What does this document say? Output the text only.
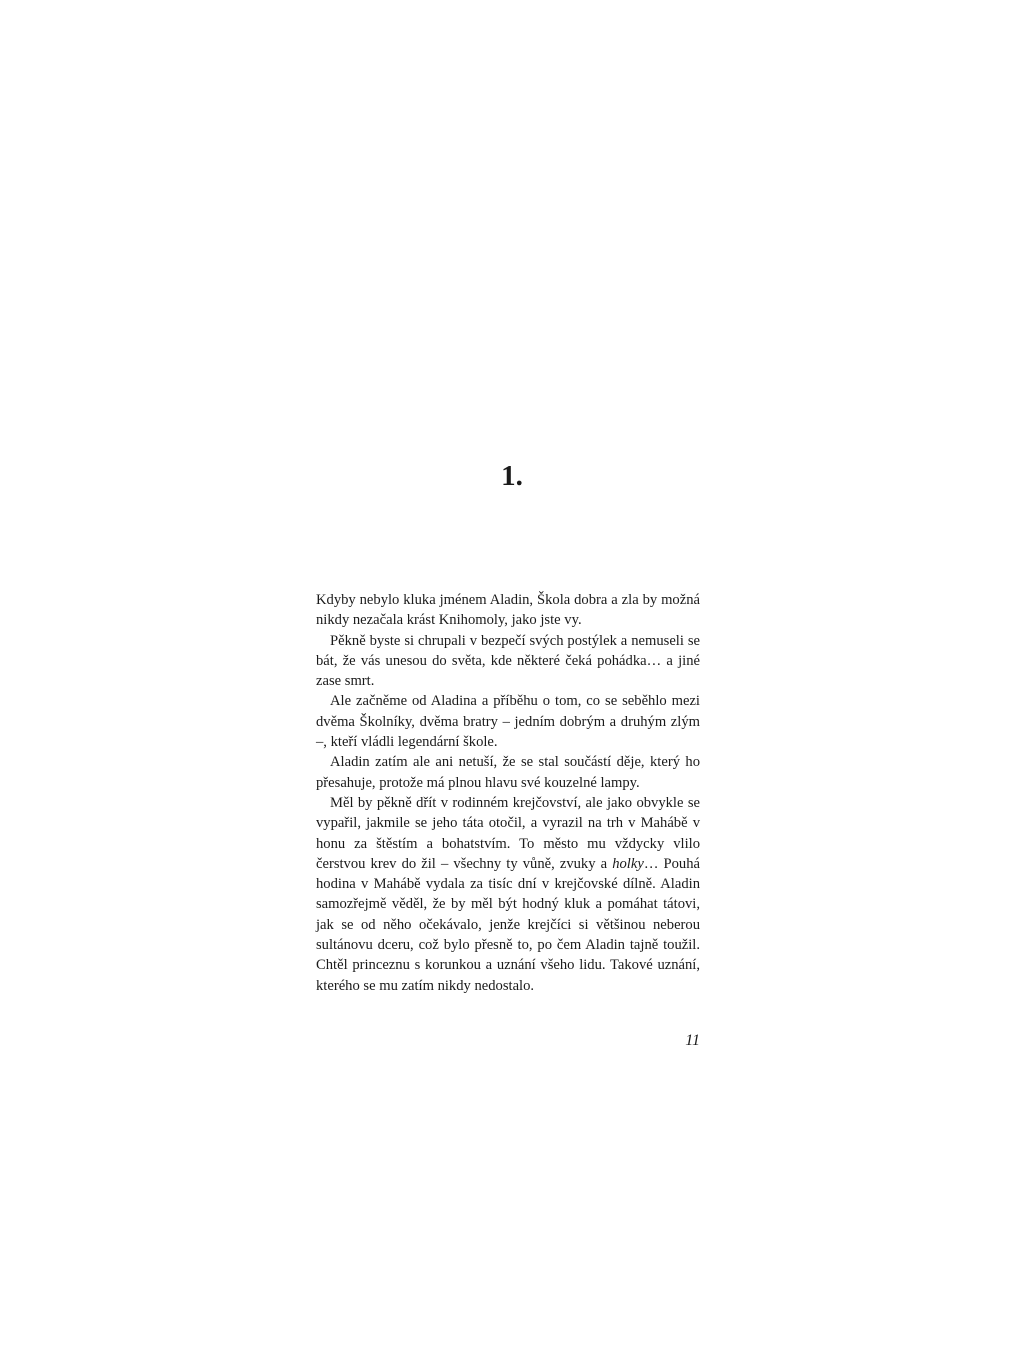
1.

Kdyby nebylo kluka jménem Aladin, Škola dobra a zla by možná nikdy nezačala krást Knihomoly, jako jste vy.

Pěkně byste si chrupali v bezpečí svých postýlek a nemuseli se bát, že vás unesou do světa, kde některé čeká pohádka… a jiné zase smrt.

Ale začněme od Aladina a příběhu o tom, co se seběhlo mezi dvěma Školníky, dvěma bratry – jedním dobrým a druhým zlým –, kteří vládli legendární škole.

Aladin zatím ale ani netuší, že se stal součástí děje, který ho přesahuje, protože má plnou hlavu své kouzelné lampy.

Měl by pěkně dřít v rodinném krejčovství, ale jako obvykle se vypařil, jakmile se jeho táta otočil, a vyrazil na trh v Mahábě v honu za štěstím a bohatstvím. To město mu vždycky vlilo čerstvou krev do žil – všechny ty vůně, zvuky a holky… Pouhá hodina v Mahábě vydala za tisíc dní v krejčovské dílně. Aladin samozřejmě věděl, že by měl být hodný kluk a pomáhat tátovi, jak se od něho očekávalo, jenže krejčíci si většinou neberou sultánovu dceru, což bylo přesně to, po čem Aladin tajně toužil. Chtěl princeznu s korunkou a uznání všeho lidu. Takové uznání, kterého se mu zatím nikdy nedostalo.

11
